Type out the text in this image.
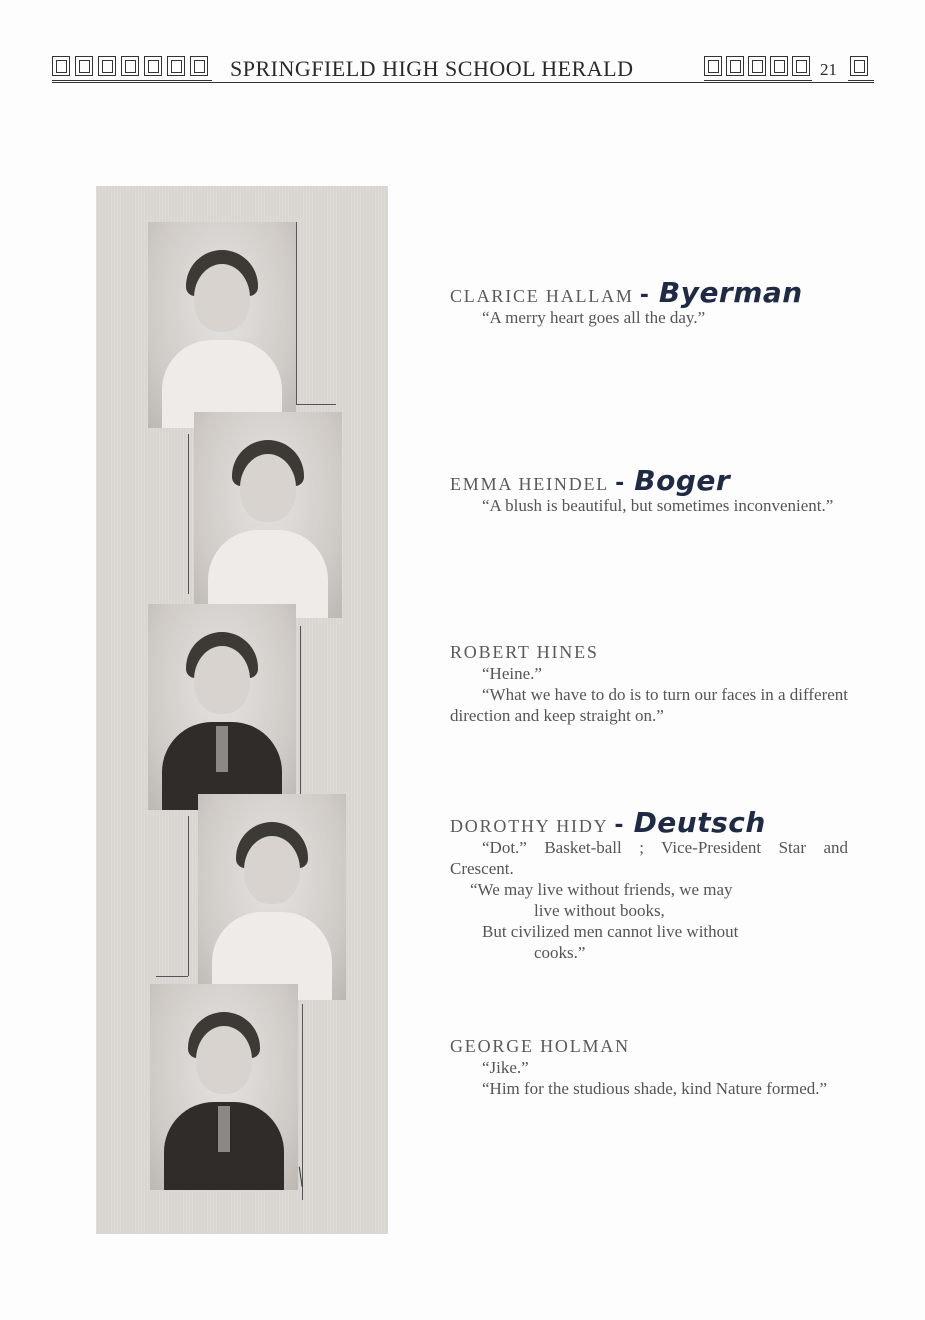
SPRINGFIELD HIGH SCHOOL HERALD	21
CLARICE HALLAM - Byerman

“A merry heart goes all the day.”

EMMA HEINDEL - Boger

“A blush is beautiful, but sometimes inconvenient.”

ROBERT HINES

“Heine.”

“What we have to do is to turn our faces in a different direction and keep straight on.”

DOROTHY HIDY - Deutsch

“Dot.” Basket-ball ; Vice-President Star and Crescent.

“We may live without friends, we may

live without books,

But civilized men cannot live without

cooks.”

GEORGE HOLMAN

“Jike.”

“Him for the studious shade, kind Nature formed.”
